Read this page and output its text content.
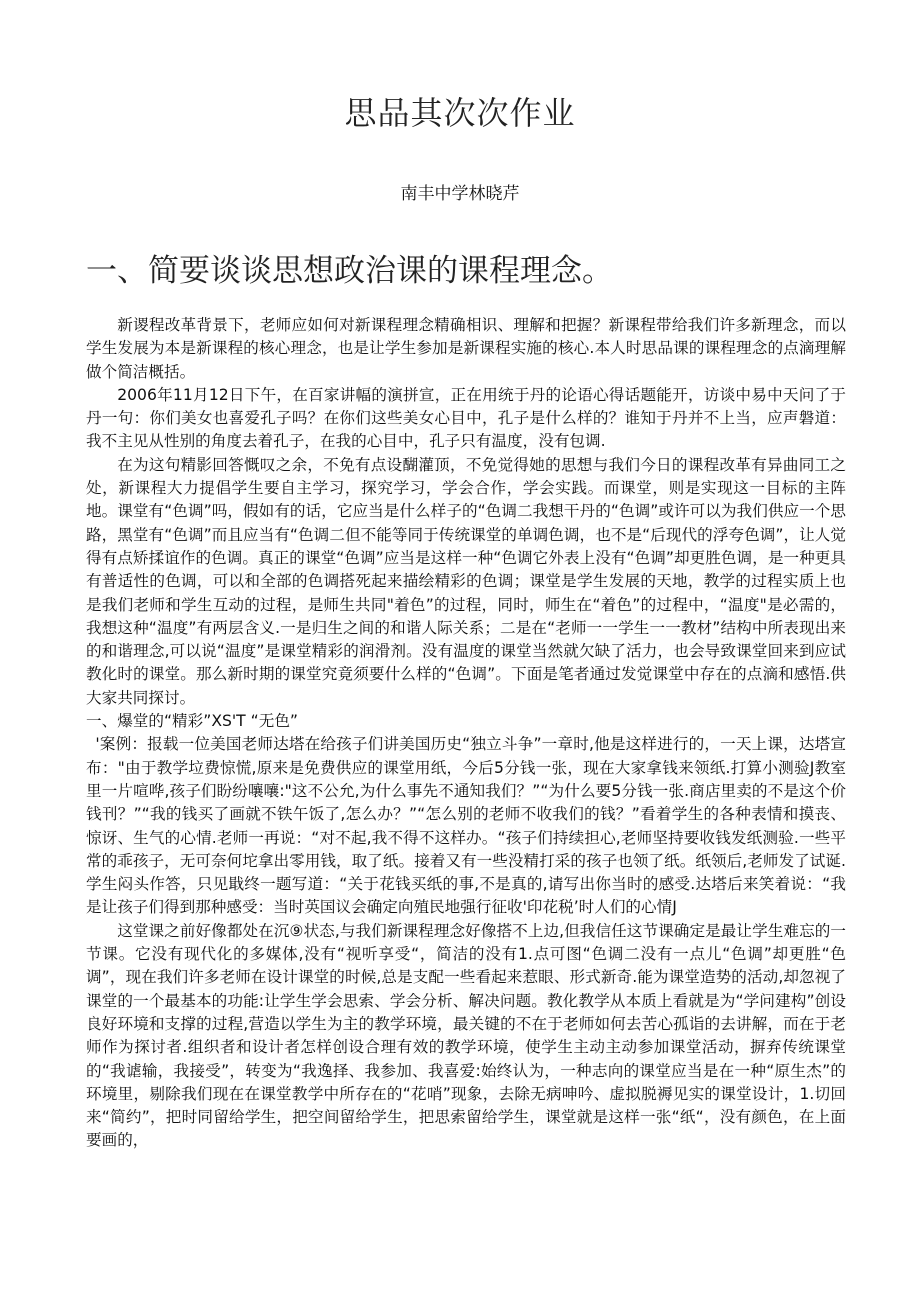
思品其次次作业
南丰中学林晓芹
一、简要谈谈思想政治课的课程理念。

新谡程改革背景下，老师应如何对新课程理念精确相识、理解和把握？新课程带给我们许多新理念，而以学生发展为本是新课程的核心理念，也是让学生参加是新课程实施的核心.本人时思品课的课程理念的点滴理解做个简洁概括。

2006年11月12日下午，在百家讲幅的演拼宣，正在用统于丹的论语心得话题能开，访谈中易中天问了于丹一句：你们美女也喜爱孔子吗？在你们这些美女心目中，孔子是什么样的？谁知于丹并不上当，应声磐道：我不主见从性别的角度去着孔子，在我的心目中，孔子只有温度，没有包调.

在为这句精影回答慨叹之余，不免有点设醐灌顶，不免觉得她的思想与我们今日的课程改革有异曲同工之处，新课程大力提倡学生要自主学习，探究学习，学会合作，学会实践。而课堂，则是实现这一目标的主阵地。课堂有“色调”吗，假如有的话，它应当是什么样子的“色调二我想干丹的“色调”或许可以为我们供应一个思路，黑堂有“色调”而且应当有“色调二但不能等同于传统课堂的单调色调，也不是“后现代的浮夸色调”，让人觉得有点矫揉谊作的色调。真正的课堂“色调”应当是这样一种“色调它外表上没有“色调”却更胜色调，是一种更具有普适性的色调，可以和全部的色调搭死起来描绘精彩的色调；课堂是学生发展的天地，教学的过程实质上也是我们老师和学生互动的过程，是师生共同"着色”的过程，同时，师生在“着色”的过程中，“温度"是必需的，我想这种“温度”有两层含义.一是归生之间的和谐人际关系；二是在“老师一一学生一一教材”结构中所表现出来的和谐理念,可以说“温度”是课堂精彩的润滑剂。没有温度的课堂当然就欠缺了活力，也会导致课堂回来到应试教化时的课堂。那么新时期的课堂究竟须要什么样的“色调”。下面是笔者通过发觉课堂中存在的点滴和感悟.供大家共同探讨。

一、爆堂的“精彩”XS'T “无色”

'案例：报载一位美国老师达塔在给孩子们讲美国历史“独立斗争”一章时,他是这样进行的，一天上课，达塔宣布："由于教学垃费惊慌,原来是免费供应的课堂用纸，今后5分钱一张，现在大家拿钱来领纸.打算小测验J教室里一片喧哗,孩子们盼纷嚷嚷:"这不公允,为什么事先不通知我们？”“为什么要5分钱一张.商店里卖的不是这个价钱刊？”“我的钱买了画就不铁午饭了,怎么办？”“怎么别的老师不收我们的钱？”看着学生的各种表情和摸丧、惊讶、生气的心情.老师一再说：“对不起,我不得不这样办。“孩子们持续担心,老师坚持要收钱发纸测验.一些平常的乖孩子，无可奈何坨拿出零用钱，取了纸。接着又有一些没精打采的孩子也领了纸。纸领后,老师发了试诞.学生闷头作答，只见戢终一题写道：“关于花钱买纸的事,不是真的,请写出你当时的感受.达塔后来笑着说：“我是让孩子们得到那种感受：当时英国议会确定向殖民地强行征收'印花税’时人们的心情J

这堂课之前好像都处在沉⑨状态,与我们新课程理念好像搭不上边,但我信任这节课确定是最让学生难忘的一节课。它没有现代化的多媒体,没有“视听享受“，简洁的没有1.点可图“色调二没有一点儿“色调”却更胜“色调”，现在我们许多老师在设计课堂的时候,总是支配一些看起来惹眼、形式新奇.能为课堂造势的活动,却忽视了课堂的一个最基本的功能:让学生学会思索、学会分析、解决问题。教化教学从本质上看就是为“学问建构”创设良好环境和支撑的过程,营造以学生为主的教学环境，最关键的不在于老师如何去苦心孤诣的去讲解，而在于老师作为探讨者.组织者和设计者怎样创设合理有效的教学环境，使学生主动主动参加课堂活动，摒弃传统课堂的“我谑输，我接受”，转变为“我逸择、我参加、我喜爱:始终认为，一种志向的课堂应当是在一种“原生杰”的环境里，剔除我们现在在课堂教学中所存在的“花哨”现象，去除无病呻吟、虚拟脱褥见实的课堂设计，1.切回来“简约”，把时同留给学生，把空间留给学生，把思索留给学生，课堂就是这样一张“纸“，没有颜色，在上面要画的，
